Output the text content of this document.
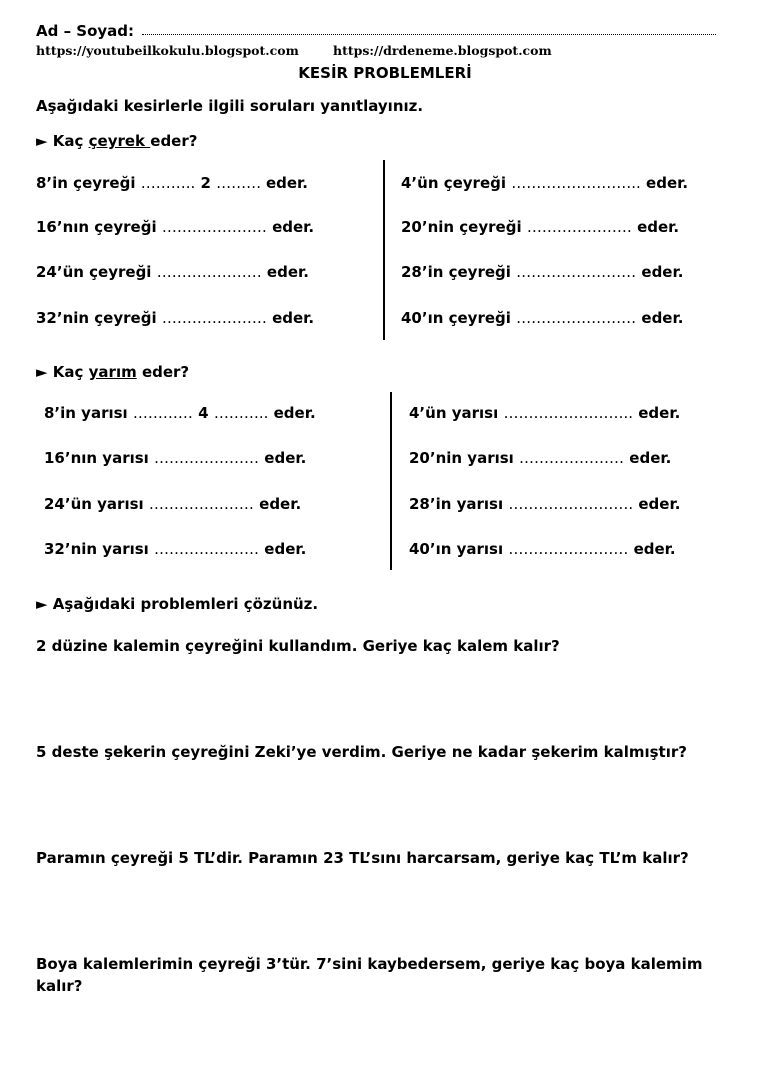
Ad – Soyad:
https://youtubeilkokulu.blogspot.com	https://drdeneme.blogspot.com
KESİR PROBLEMLERİ
Aşağıdaki kesirlerle ilgili soruları yanıtlayınız.
► Kaç çeyrek eder?
8’in çeyreği ……….. 2 ……… eder.
16’nın çeyreği ………………… eder.
24’ün çeyreği ………………… eder.
32’nin çeyreği ………………… eder.
4’ün çeyreği …………………….. eder.
20’nin çeyreği ………………… eder.
28’in çeyreği …………………… eder.
40’ın çeyreği …………………… eder.
► Kaç yarım eder?
8’in yarısı ………… 4 ……….. eder.
16’nın yarısı ………………… eder.
24’ün yarısı ………………… eder.
32’nin yarısı ………………… eder.
4’ün yarısı …………………….. eder.
20’nin yarısı ………………… eder.
28’in yarısı ……………………. eder.
40’ın yarısı …………………… eder.
► Aşağıdaki problemleri çözünüz.
2 düzine kalemin çeyreğini kullandım. Geriye kaç kalem kalır?
5 deste şekerin çeyreğini Zeki’ye verdim. Geriye ne kadar şekerim kalmıştır?
Paramın çeyreği 5 TL’dir. Paramın 23 TL’sını harcarsam, geriye kaç TL’m kalır?
Boya kalemlerimin çeyreği 3’tür. 7’sini kaybedersem, geriye kaç boya kalemim kalır?
